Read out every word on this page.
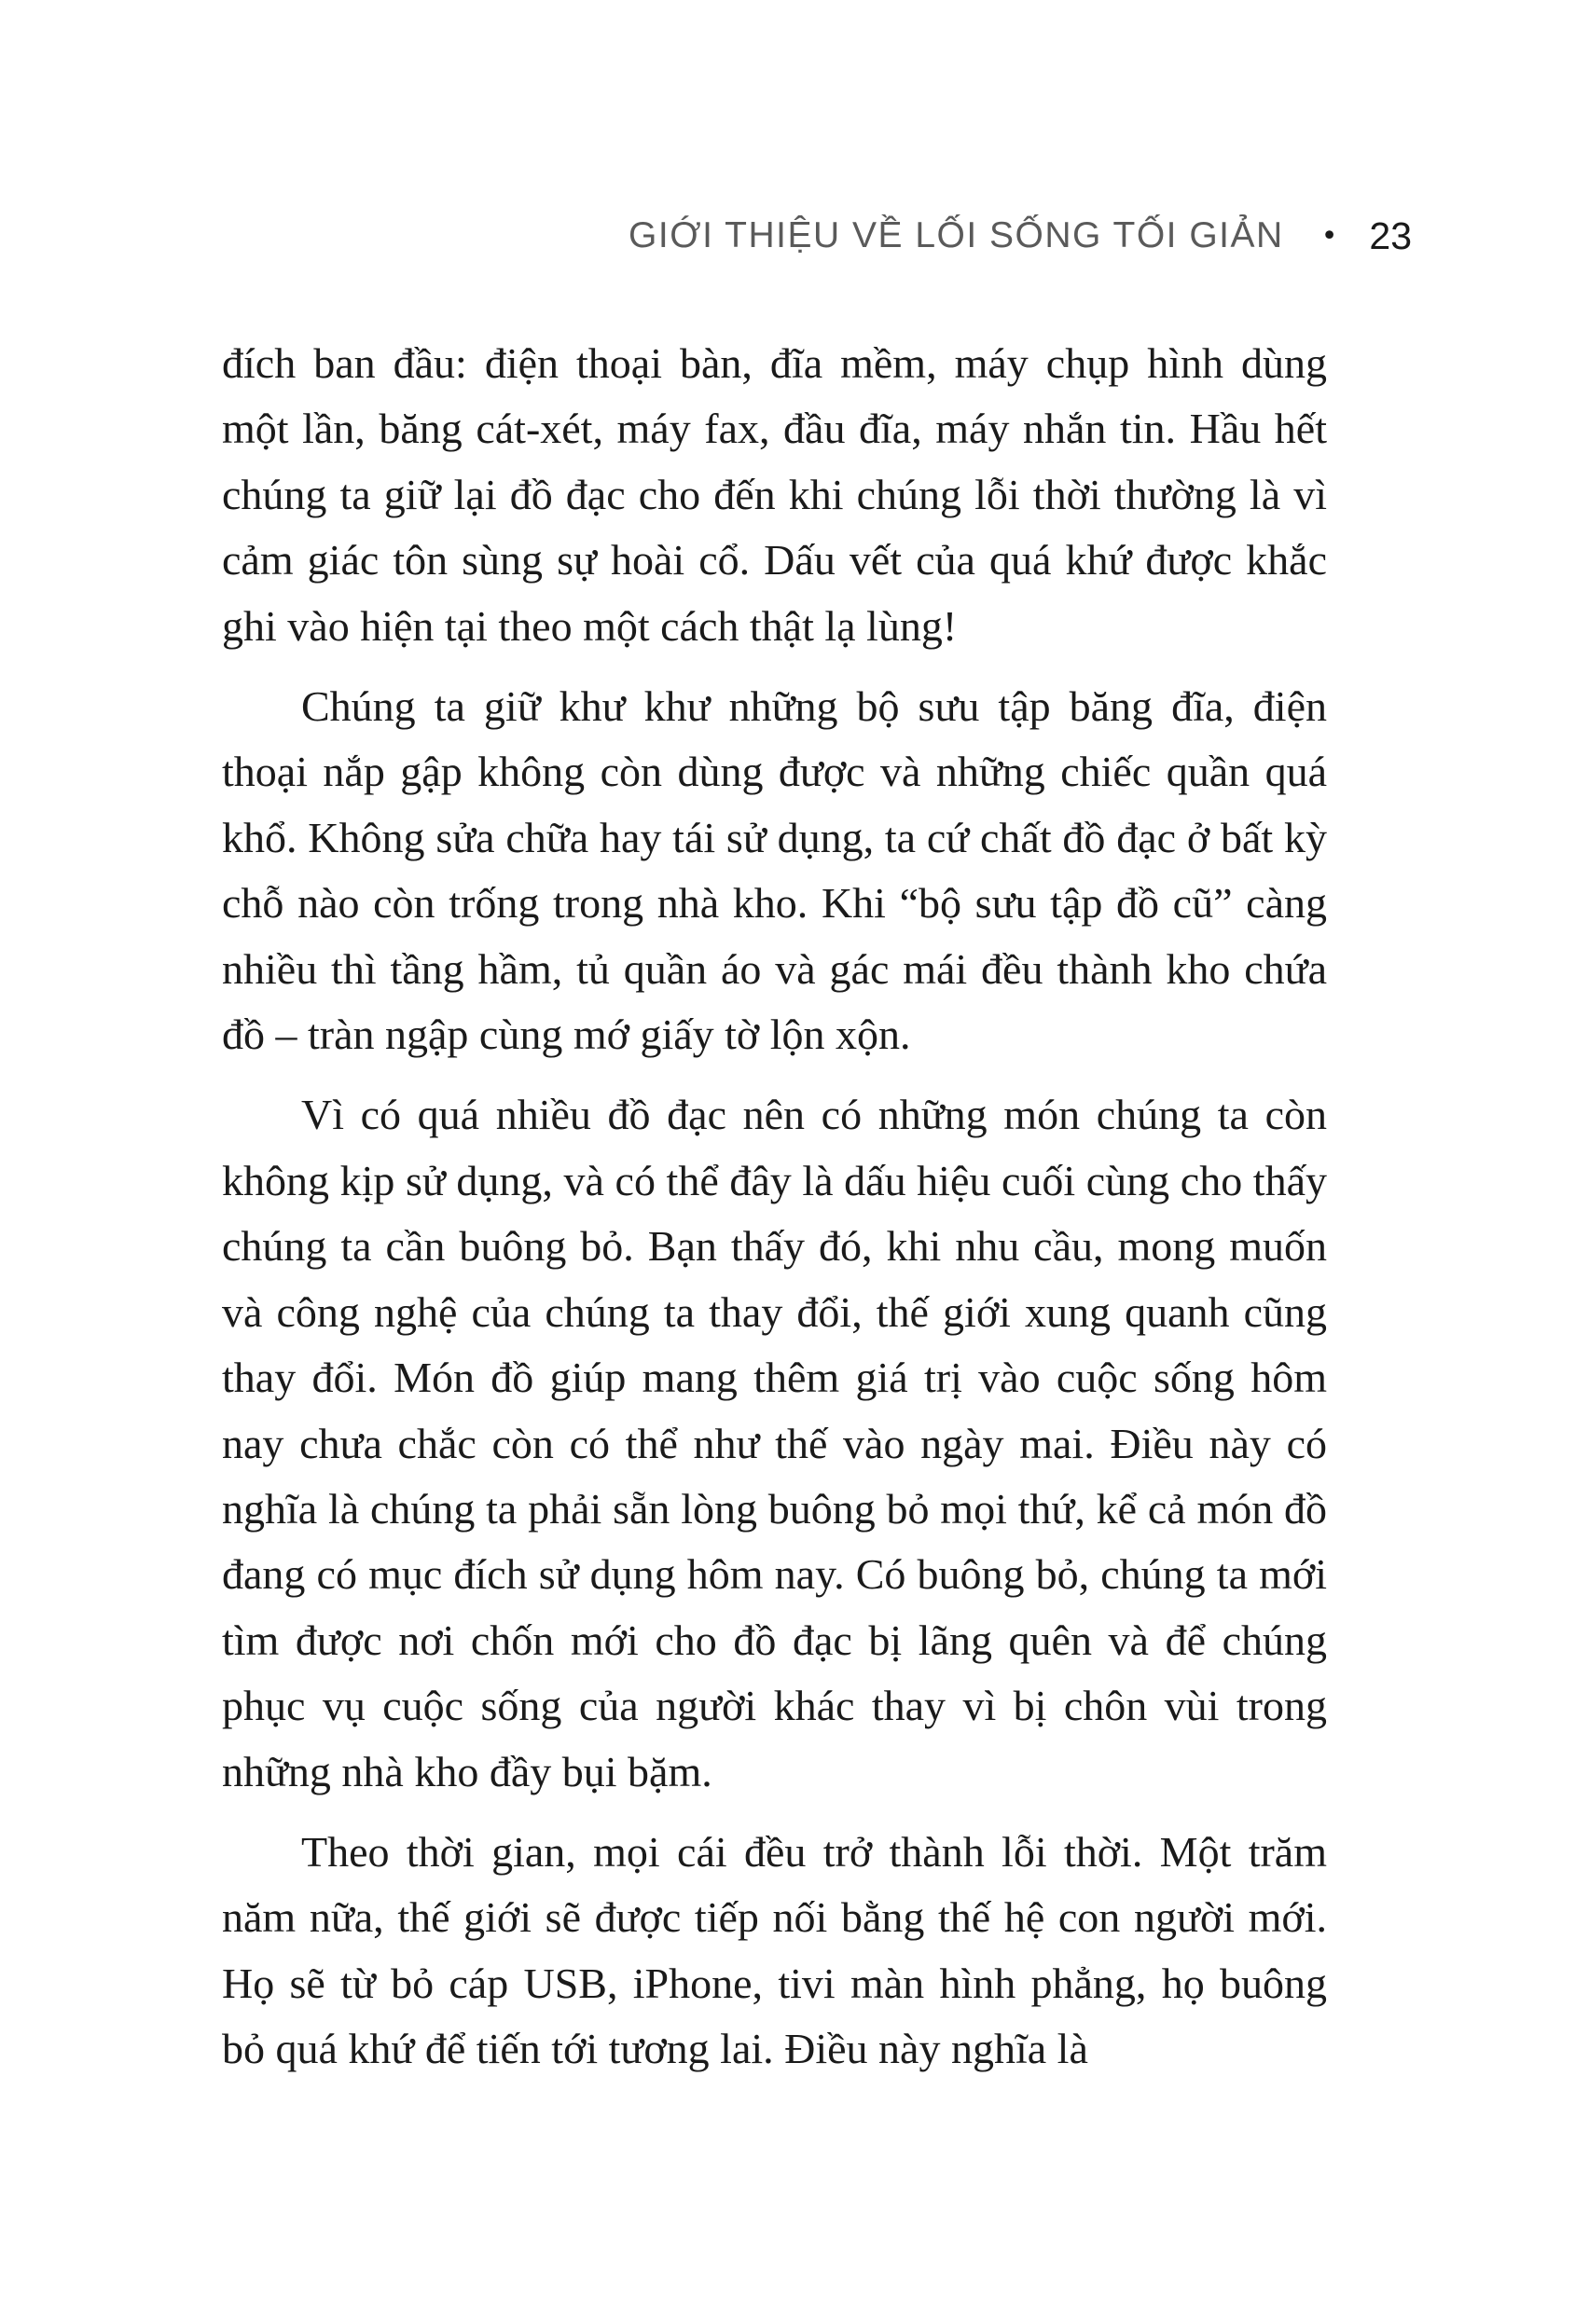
GIỚI THIỆU VỀ LỐI SỐNG TỐI GIẢN • 23

đích ban đầu: điện thoại bàn, đĩa mềm, máy chụp hình dùng một lần, băng cát-xét, máy fax, đầu đĩa, máy nhắn tin. Hầu hết chúng ta giữ lại đồ đạc cho đến khi chúng lỗi thời thường là vì cảm giác tôn sùng sự hoài cổ. Dấu vết của quá khứ được khắc ghi vào hiện tại theo một cách thật lạ lùng!

Chúng ta giữ khư khư những bộ sưu tập băng đĩa, điện thoại nắp gập không còn dùng được và những chiếc quần quá khổ. Không sửa chữa hay tái sử dụng, ta cứ chất đồ đạc ở bất kỳ chỗ nào còn trống trong nhà kho. Khi “bộ sưu tập đồ cũ” càng nhiều thì tầng hầm, tủ quần áo và gác mái đều thành kho chứa đồ – tràn ngập cùng mớ giấy tờ lộn xộn.

Vì có quá nhiều đồ đạc nên có những món chúng ta còn không kịp sử dụng, và có thể đây là dấu hiệu cuối cùng cho thấy chúng ta cần buông bỏ. Bạn thấy đó, khi nhu cầu, mong muốn và công nghệ của chúng ta thay đổi, thế giới xung quanh cũng thay đổi. Món đồ giúp mang thêm giá trị vào cuộc sống hôm nay chưa chắc còn có thể như thế vào ngày mai. Điều này có nghĩa là chúng ta phải sẵn lòng buông bỏ mọi thứ, kể cả món đồ đang có mục đích sử dụng hôm nay. Có buông bỏ, chúng ta mới tìm được nơi chốn mới cho đồ đạc bị lãng quên và để chúng phục vụ cuộc sống của người khác thay vì bị chôn vùi trong những nhà kho đầy bụi bặm.

Theo thời gian, mọi cái đều trở thành lỗi thời. Một trăm năm nữa, thế giới sẽ được tiếp nối bằng thế hệ con người mới. Họ sẽ từ bỏ cáp USB, iPhone, tivi màn hình phẳng, họ buông bỏ quá khứ để tiến tới tương lai. Điều này nghĩa là
